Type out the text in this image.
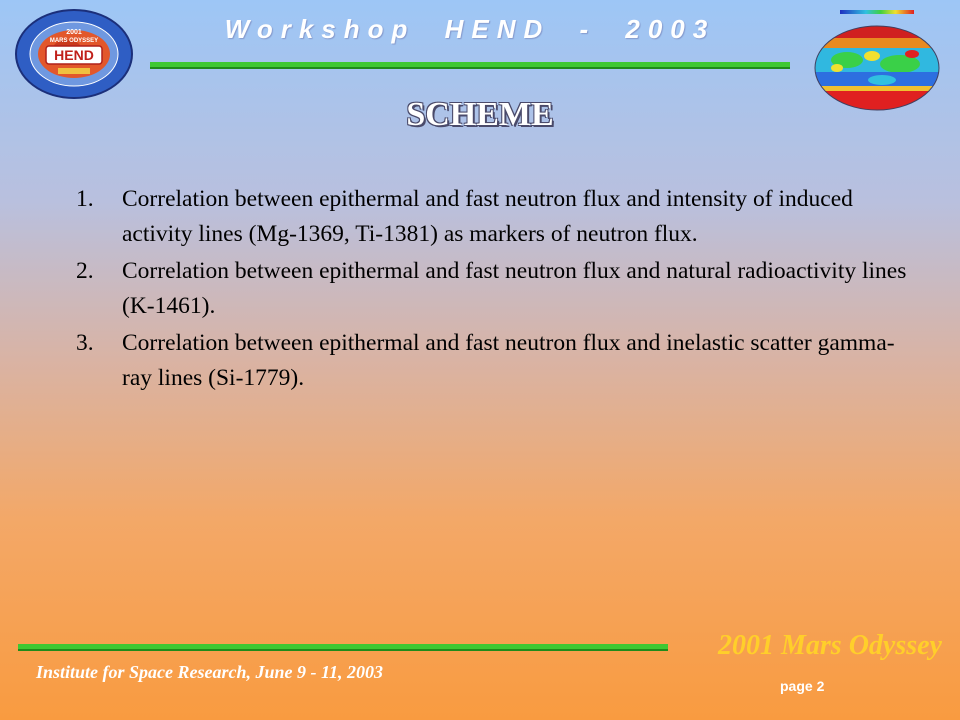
HEND
2001
MARS ODYSSEY	Workshop HEND - 2003
SCHEME
1.	Correlation between epithermal and fast neutron flux and intensity of induced activity lines (Mg-1369, Ti-1381) as markers of neutron flux.
2.	Correlation between epithermal and fast neutron flux and natural radioactivity lines (K-1461).
3.	Correlation between epithermal and fast neutron flux and inelastic scatter gamma-ray lines (Si-1779).
2001 Mars Odyssey
Institute for Space Research, June 9 - 11, 2003
page 2
